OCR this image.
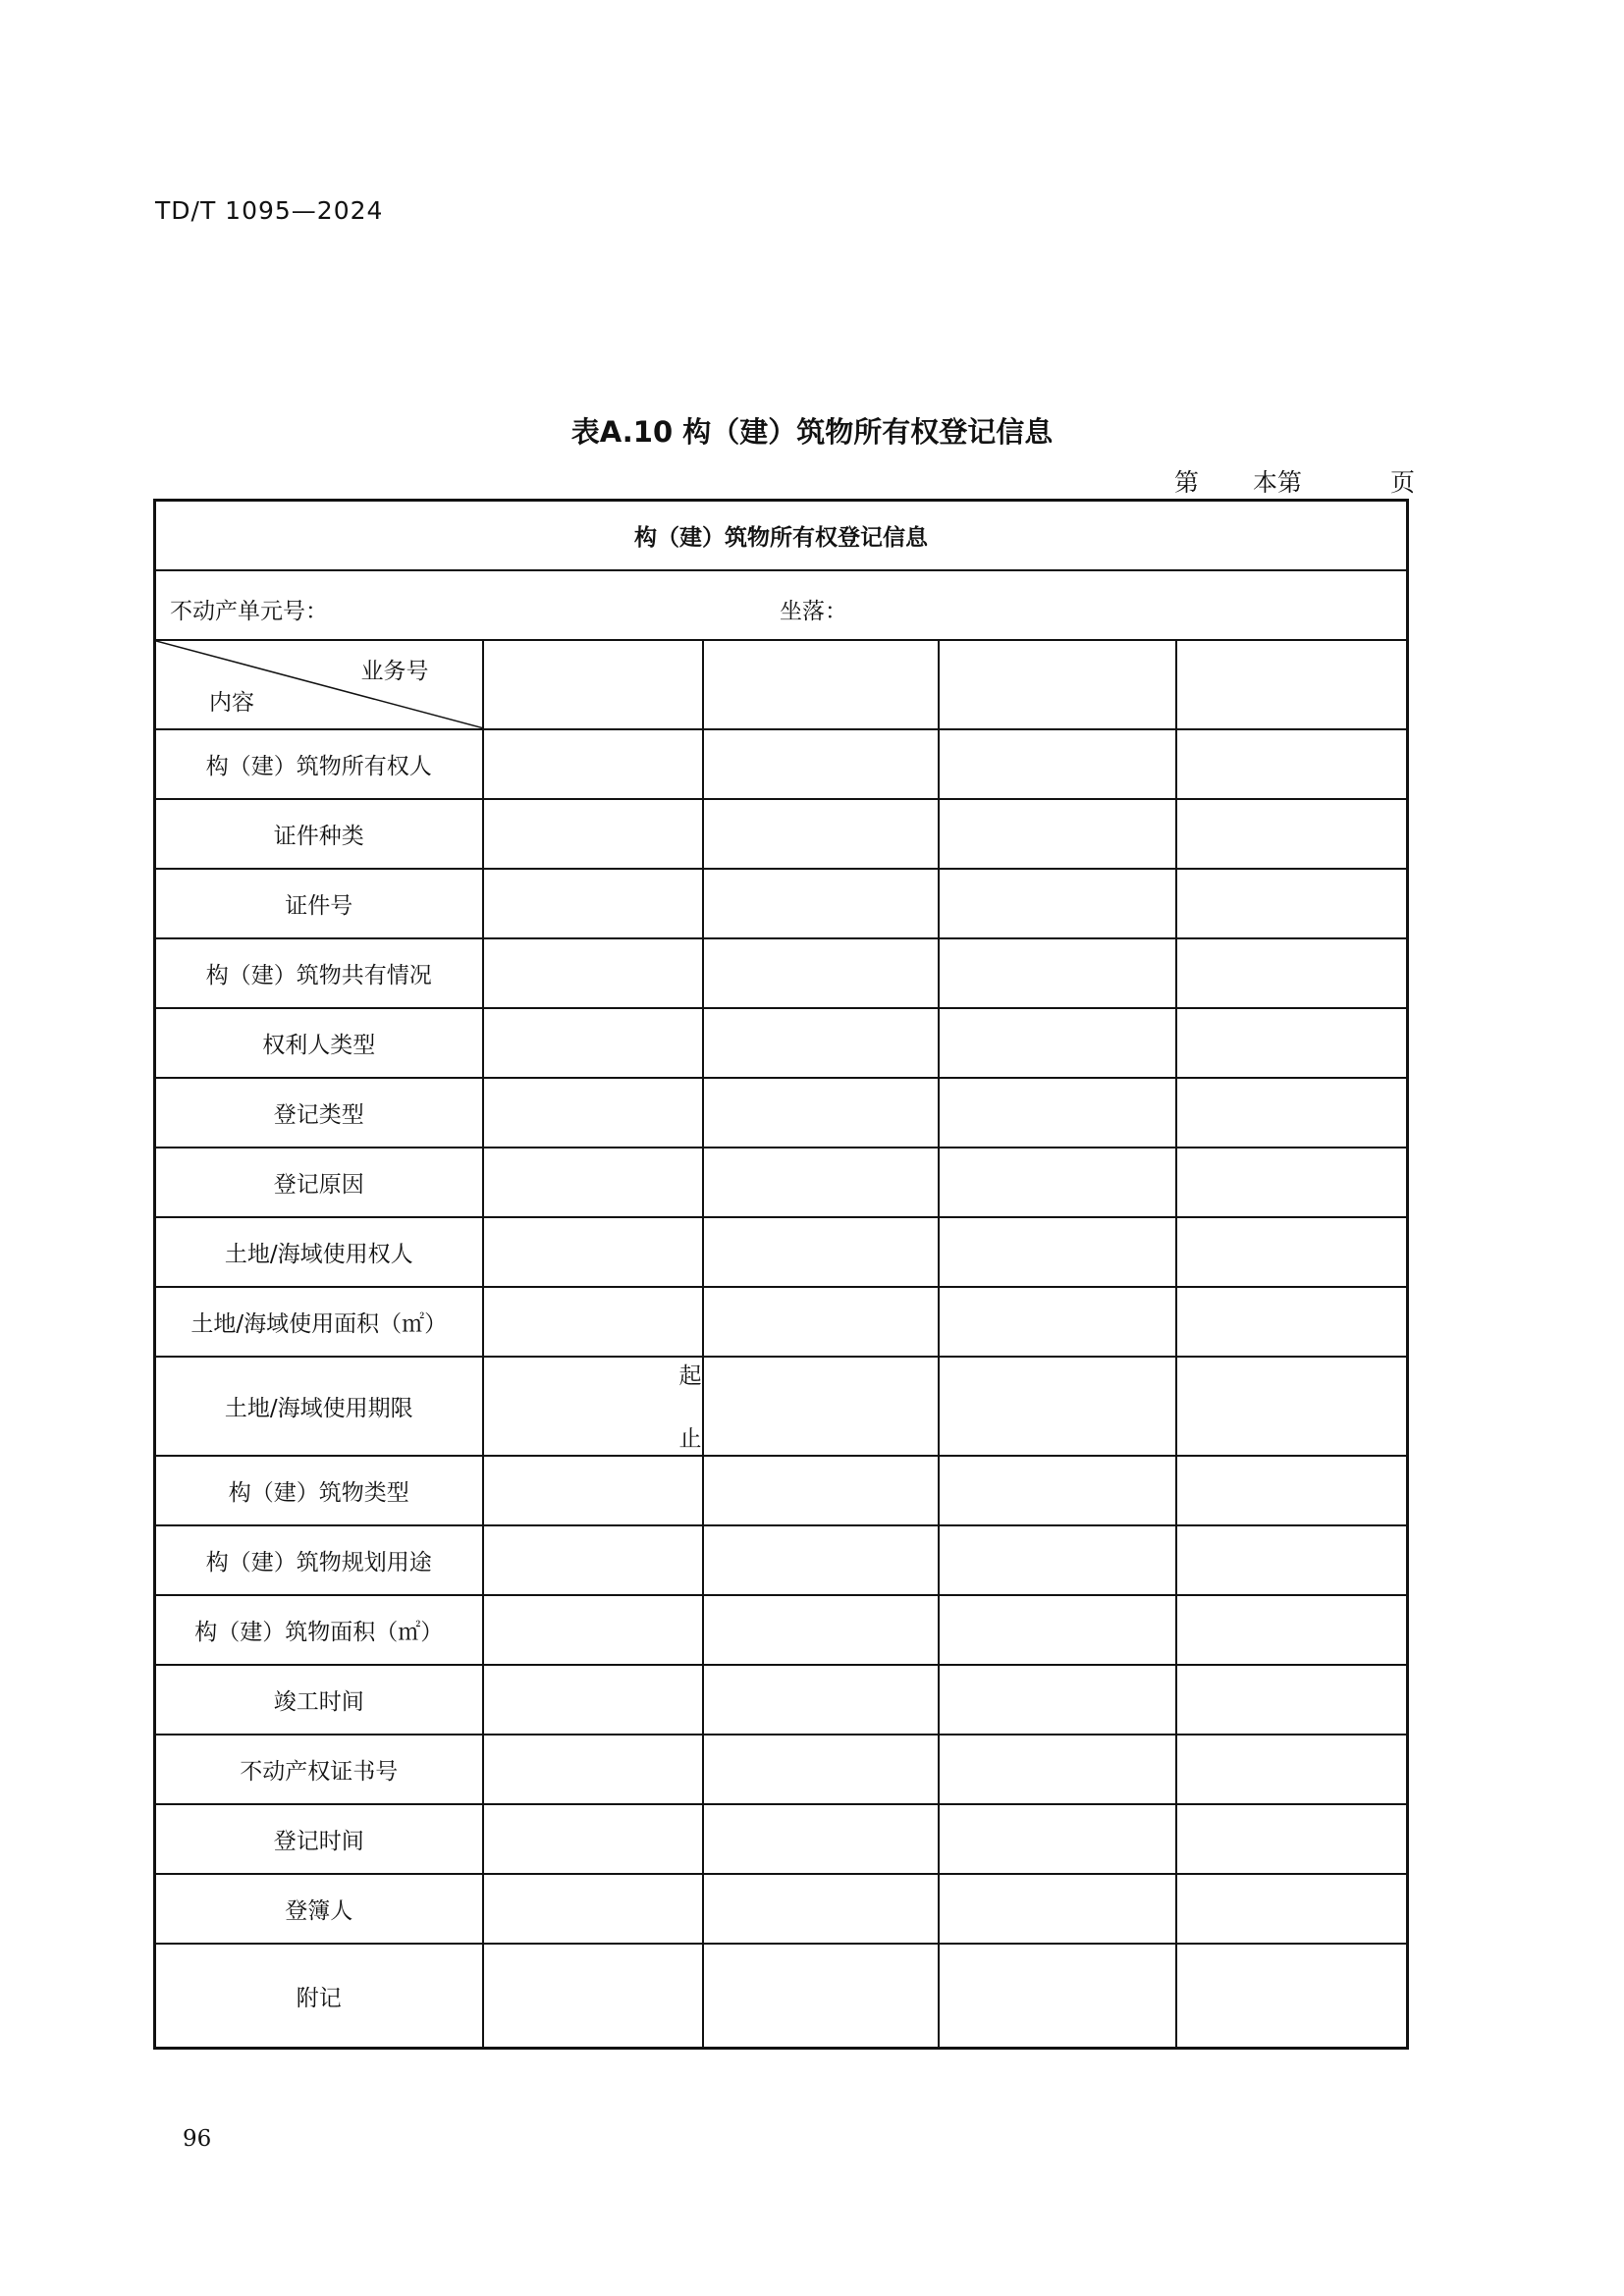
TD/T 1095—2024
表A.10 构（建）筑物所有权登记信息
第	本第	页
构（建）筑物所有权登记信息				

不动产单元号： 坐落：				

业务号
内容				

构（建）筑物所有权人				
证件种类				
证件号				
构（建）筑物共有情况				
权利人类型				
登记类型				
登记原因				
土地/海域使用权人				
土地/海域使用面积（㎡）				
土地/海域使用期限	起
止			

构（建）筑物类型				
构（建）筑物规划用途				
构（建）筑物面积（㎡）				
竣工时间				
不动产权证书号				
登记时间				
登簿人				
附记				
96
